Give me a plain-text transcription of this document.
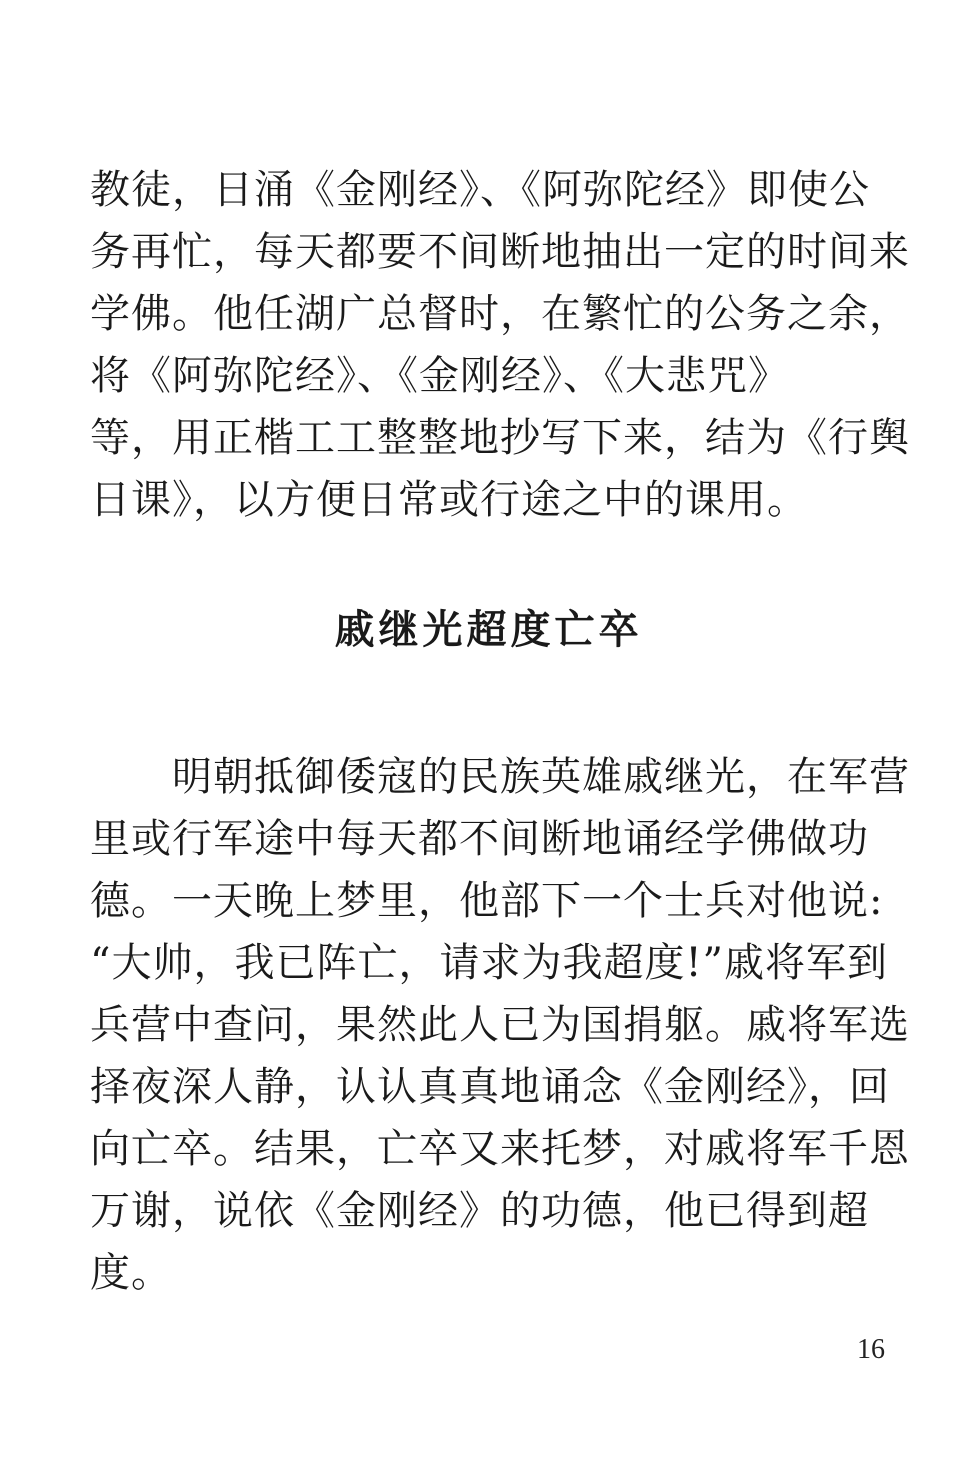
教徒，日涌《金刚经》、《阿弥陀经》即使公
务再忙，每天都要不间断地抽出一定的时间来
学佛。他任湖广总督时，在繁忙的公务之余，
将《阿弥陀经》、《金刚经》、《大悲咒》
等，用正楷工工整整地抄写下来，结为《行舆
日课》，以方便日常或行途之中的课用。
戚继光超度亡卒
　　明朝抵御倭寇的民族英雄戚继光，在军营
里或行军途中每天都不间断地诵经学佛做功
德。一天晚上梦里，他部下一个士兵对他说:
“大帅，我已阵亡，请求为我超度!”戚将军到
兵营中查问，果然此人已为国捐躯。戚将军选
择夜深人静，认认真真地诵念《金刚经》，回
向亡卒。结果，亡卒又来托梦，对戚将军千恩
万谢，说依《金刚经》的功德，他已得到超
度。
16
